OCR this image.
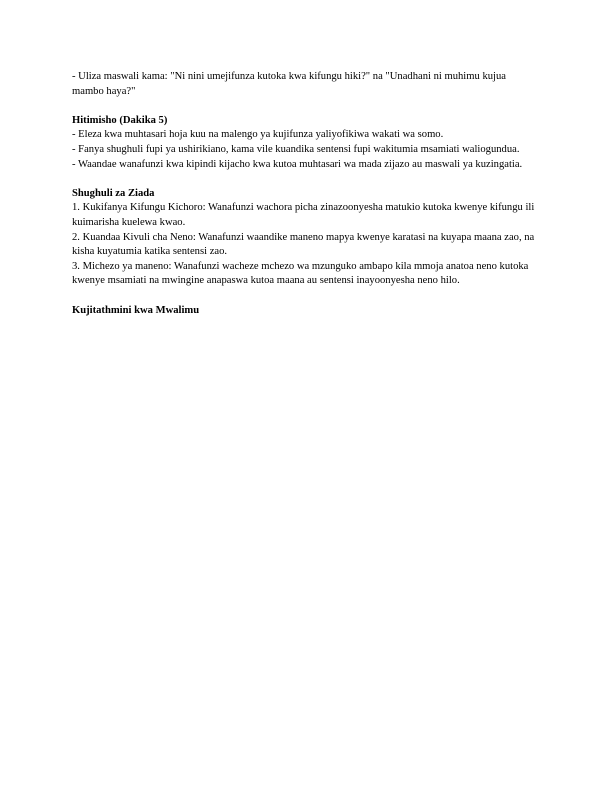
- Uliza maswali kama: "Ni nini umejifunza kutoka kwa kifungu hiki?" na "Unadhani ni muhimu kujua mambo haya?"

Hitimisho (Dakika 5)

- Eleza kwa muhtasari hoja kuu na malengo ya kujifunza yaliyofikiwa wakati wa somo.

- Fanya shughuli fupi ya ushirikiano, kama vile kuandika sentensi fupi wakitumia msamiati waliogundua.

- Waandae wanafunzi kwa kipindi kijacho kwa kutoa muhtasari wa mada zijazo au maswali ya kuzingatia.

Shughuli za Ziada

1. Kukifanya Kifungu Kichoro: Wanafunzi wachora picha zinazoonyesha matukio kutoka kwenye kifungu ili kuimarisha kuelewa kwao.

2. Kuandaa Kivuli cha Neno: Wanafunzi waandike maneno mapya kwenye karatasi na kuyapa maana zao, na kisha kuyatumia katika sentensi zao.

3. Michezo ya maneno: Wanafunzi wacheze mchezo wa mzunguko ambapo kila mmoja anatoa neno kutoka kwenye msamiati na mwingine anapaswa kutoa maana au sentensi inayoonyesha neno hilo.

Kujitathmini kwa Mwalimu
